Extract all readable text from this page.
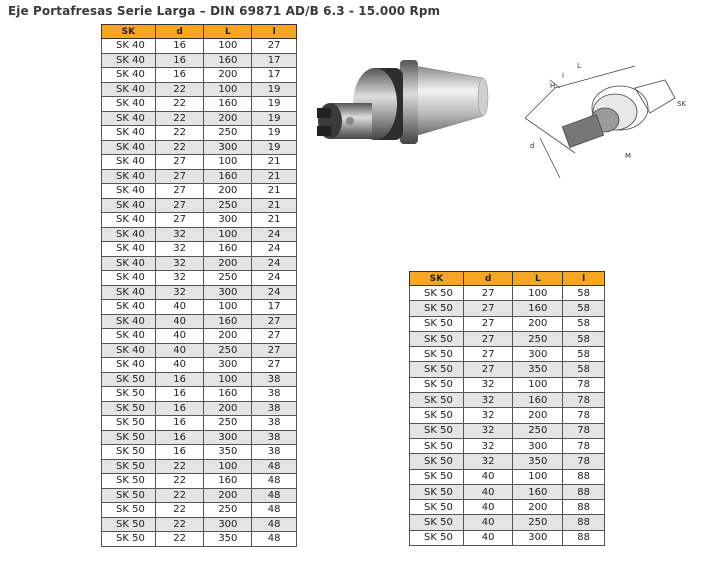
Eje Portafresas Serie Larga – DIN 69871 AD/B 6.3 - 15.000 Rpm
SK	d	L	l
SK 40	16	100	27
SK 40	16	160	17
SK 40	16	200	17
SK 40	22	100	19
SK 40	22	160	19
SK 40	22	200	19
SK 40	22	250	19
SK 40	22	300	19
SK 40	27	100	21
SK 40	27	160	21
SK 40	27	200	21
SK 40	27	250	21
SK 40	27	300	21
SK 40	32	100	24
SK 40	32	160	24
SK 40	32	200	24
SK 40	32	250	24
SK 40	32	300	24
SK 40	40	100	17
SK 40	40	160	27
SK 40	40	200	27
SK 40	40	250	27
SK 40	40	300	27
SK 50	16	100	38
SK 50	16	160	38
SK 50	16	200	38
SK 50	16	250	38
SK 50	16	300	38
SK 50	16	350	38
SK 50	22	100	48
SK 50	22	160	48
SK 50	22	200	48
SK 50	22	250	48
SK 50	22	300	48
SK 50	22	350	48
SK	d	L	l
SK 50	27	100	58
SK 50	27	160	58
SK 50	27	200	58
SK 50	27	250	58
SK 50	27	300	58
SK 50	27	350	58
SK 50	32	100	78
SK 50	32	160	78
SK 50	32	200	78
SK 50	32	250	78
SK 50	32	300	78
SK 50	32	350	78
SK 50	40	100	88
SK 50	40	160	88
SK 50	40	200	88
SK 50	40	250	88
SK 50	40	300	88
SK
M
l
L
d
H
